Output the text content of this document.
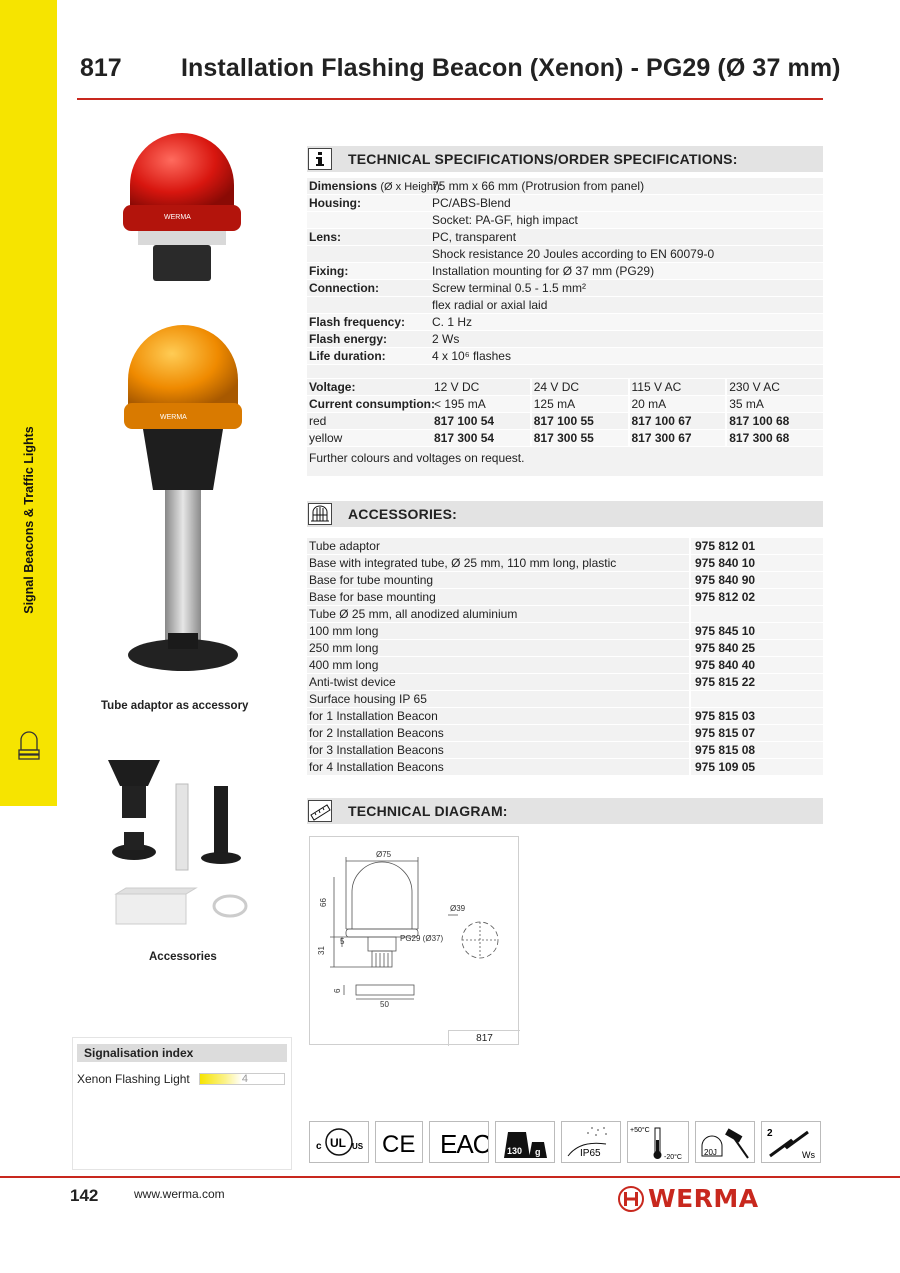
817 Installation Flashing Beacon (Xenon) - PG29 (Ø 37 mm)
Signal Beacons & Traffic Lights
WERMA
WERMA
Tube adaptor as accessory
Accessories
TECHNICAL SPECIFICATIONS/ORDER SPECIFICATIONS:
Dimensions (Ø x Height):
75 mm x 66 mm (Protrusion from panel)
Housing:	PC/ABS-Blend
Socket: PA-GF, high impact
Lens:	PC, transparent
Shock resistance 20 Joules according to EN 60079-0
Fixing:	Installation mounting for Ø 37 mm (PG29)
Connection:	Screw terminal 0.5 - 1.5 mm²
flex radial or axial laid
Flash frequency:	C. 1 Hz
Flash energy:	2 Ws
Life duration:	4 x 10⁶ flashes
Voltage:	12 V DC	24 V DC	115 V AC	230 V AC
Current consumption: < 195 mA	125 mA	20 mA	35 mA
red	817 100 54	817 100 55	817 100 67	817 100 68
yellow	817 300 54	817 300 55	817 300 67	817 300 68
Further colours and voltages on request.
ACCESSORIES:
Tube adaptor	975 812 01
Base with integrated tube, Ø 25 mm, 110 mm long, plastic	975 840 10
Base for tube mounting	975 840 90
Base for base mounting	975 812 02
Tube Ø 25 mm, all anodized aluminium
100 mm long	975 845 10
250 mm long	975 840 25
400 mm long	975 840 40
Anti-twist device	975 815 22
Surface housing IP 65
for 1 Installation Beacon	975 815 03
for 2 Installation Beacons	975 815 07
for 3 Installation Beacons	975 815 08
for 4 Installation Beacons	975 109 05
TECHNICAL DIAGRAM:
Ø75
66
Ø39
5
31
PG29 (Ø37)
6
50
817
Signalisation index
Xenon Flashing Light	4
c UL US CE EAC 130 g	IP65
+50°C
-20°C
20J
2
Ws
142	www.werma.com	WERMA
